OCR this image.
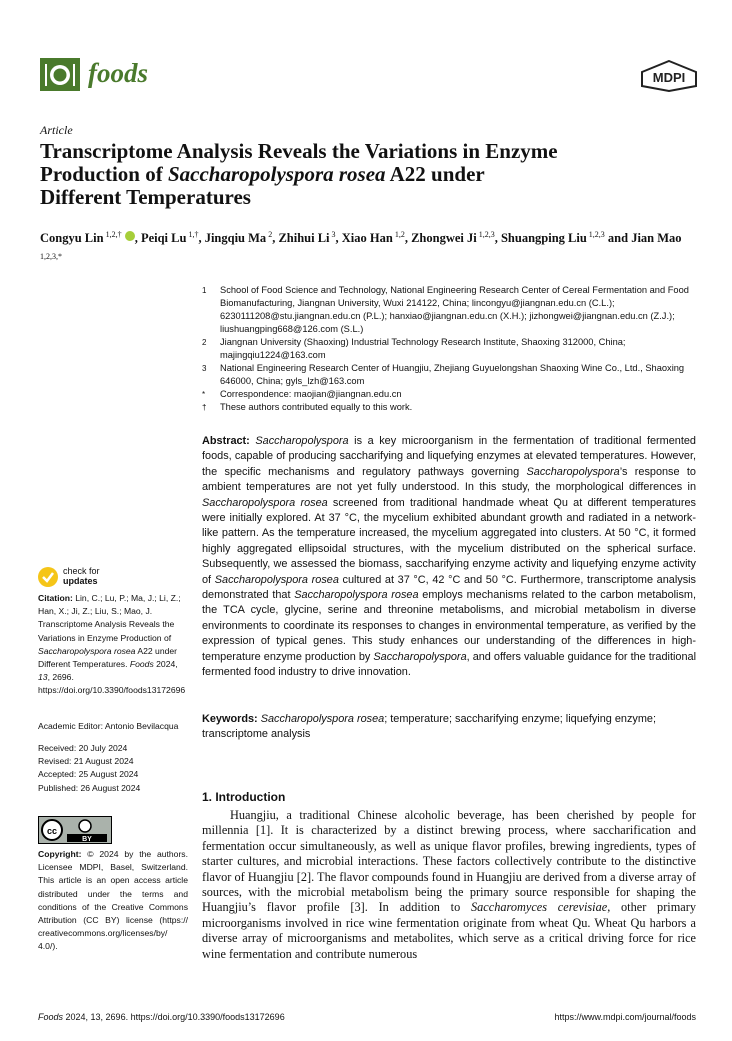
foods	MDPI
Article
Transcriptome Analysis Reveals the Variations in Enzyme
Production of Saccharopolyspora rosea A22 under
Different Temperatures
Congyu Lin $^{1,2,\dagger}$ , Peiqi Lu $^{1,\dagger}$, Jingqiu Ma $^2$, Zhihui Li $^3$, Xiao Han $^{1,2}$, Zhongwei Ji $^{1,2,3}$, Shuangping Liu $^{1,2,3}$ and Jian Mao $^{1,2,3,*}$
1	School of Food Science and Technology, National Engineering Research Center of Cereal Fermentation and Food Biomanufacturing, Jiangnan University, Wuxi 214122, China; lincongyu@jiangnan.edu.cn (C.L.); 6230111208@stu.jiangnan.edu.cn (P.L.); hanxiao@jiangnan.edu.cn (X.H.); jizhongwei@jiangnan.edu.cn (Z.J.); liushuangping668@126.com (S.L.)
2	Jiangnan University (Shaoxing) Industrial Technology Research Institute, Shaoxing 312000, China; majingqiu1224@163.com
3	National Engineering Research Center of Huangjiu, Zhejiang Guyuelongshan Shaoxing Wine Co., Ltd., Shaoxing 646000, China; gyls_lzh@163.com
*	Correspondence: maojian@jiangnan.edu.cn
†	These authors contributed equally to this work.
Abstract: Saccharopolyspora is a key microorganism in the fermentation of traditional fermented foods, capable of producing saccharifying and liquefying enzymes at elevated temperatures. However, the specific mechanisms and regulatory pathways governing Saccharopolyspora’s response to ambient temperatures are not yet fully understood. In this study, the morphological differences in Saccharopolyspora rosea screened from traditional handmade wheat Qu at different temperatures were initially explored. At 37 °C, the mycelium exhibited abundant growth and radiated in a network-like pattern. As the temperature increased, the mycelium aggregated into clusters. At 50 °C, it formed highly aggregated ellipsoidal structures, with the mycelium distributed on the spherical surface. Subsequently, we assessed the biomass, saccharifying enzyme activity and liquefying enzyme activity of Saccharopolyspora rosea cultured at 37 °C, 42 °C and 50 °C. Furthermore, transcriptome analysis demonstrated that Saccharopolyspora rosea employs mechanisms related to the carbon metabolism, the TCA cycle, glycine, serine and threonine metabolisms, and microbial metabolism in diverse environments to coordinate its responses to changes in environmental temperature, as verified by the expression of typical genes. This study enhances our understanding of the differences in high-temperature enzyme production by Saccharopolyspora, and offers valuable guidance for the traditional fermented food industry to drive innovation.
Keywords: Saccharopolyspora rosea; temperature; saccharifying enzyme; liquefying enzyme; transcriptome analysis
check for
updates
Citation: Lin, C.; Lu, P.; Ma, J.; Li, Z.; Han, X.; Ji, Z.; Liu, S.; Mao, J. Transcriptome Analysis Reveals the Variations in Enzyme Production of Saccharopolyspora rosea A22 under Different Temperatures. Foods 2024, 13, 2696. https://doi.org/10.3390/foods13172696
Academic Editor: Antonio Bevilacqua
Received: 20 July 2024
Revised: 21 August 2024
Accepted: 25 August 2024
Published: 26 August 2024
cc
BY
Copyright: © 2024 by the authors. Licensee MDPI, Basel, Switzerland. This article is an open access article distributed under the terms and conditions of the Creative Commons Attribution (CC BY) license (https:// creativecommons.org/licenses/by/ 4.0/).
1. Introduction
Huangjiu, a traditional Chinese alcoholic beverage, has been cherished by people for millennia [1]. It is characterized by a distinct brewing process, where saccharification and fermentation occur simultaneously, as well as unique flavor profiles, brewing ingredients, types of starter cultures, and microbial interactions. These factors collectively contribute to the distinctive flavor of Huangjiu [2]. The flavor compounds found in Huangjiu are derived from a diverse array of sources, with the microbial metabolism being the primary source responsible for shaping the Huangjiu’s flavor profile [3]. In addition to Saccharomyces cerevisiae, other primary microorganisms involved in rice wine fermentation originate from wheat Qu. Wheat Qu harbors a diverse array of microorganisms and metabolites, which serve as a critical driving force for rice wine fermentation and contribute numerous
Foods 2024, 13, 2696. https://doi.org/10.3390/foods13172696	https://www.mdpi.com/journal/foods
